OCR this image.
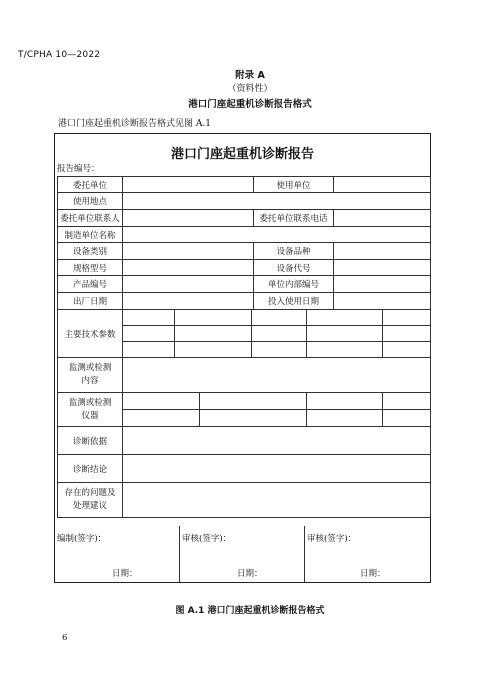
T/CPHA 10—2022
附录 A
（资料性）
港口门座起重机诊断报告格式
港口门座起重机诊断报告格式见图 A.1
港口门座起重机诊断报告
报告编号：
委托单位					使用单位			
使用地点								
委托单位联系人					委托单位联系电话			
制造单位名称								
设备类别					设备品种			
规格型号					设备代号			
产品编号					单位内部编号			
出厂日期					投入使用日期			
主要技术参数								

监测或检测
内容								
监测或检测
仪器								

诊断依据								
诊断结论								
存在的问题及
处理建议								
编制(签字)：
日期：
审核(签字)：
日期：
审核(签字)：
日期：
图 A.1 港口门座起重机诊断报告格式
6
